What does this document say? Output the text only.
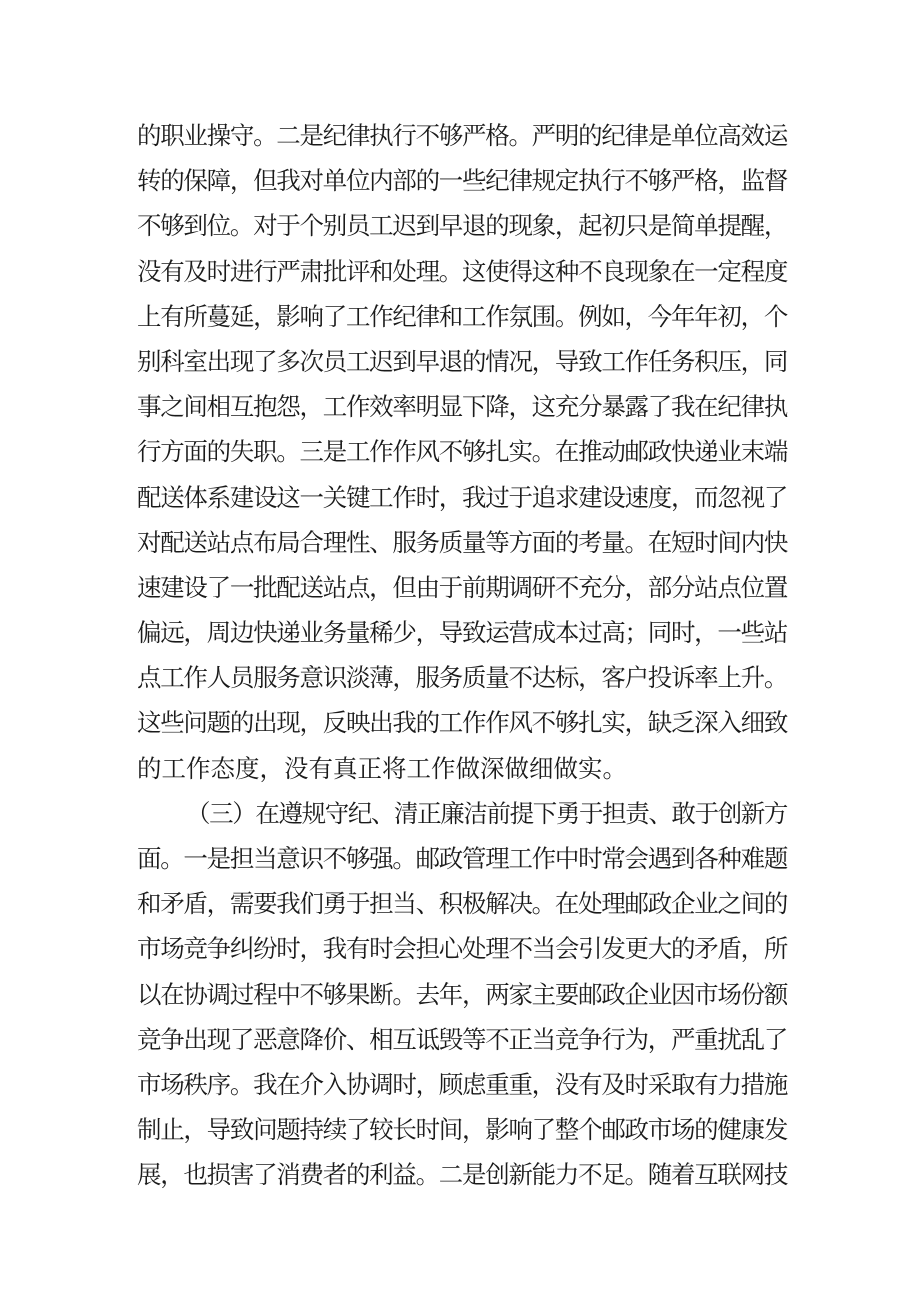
的职业操守。二是纪律执行不够严格。严明的纪律是单位高效运
转的保障，但我对单位内部的一些纪律规定执行不够严格，监督
不够到位。对于个别员工迟到早退的现象，起初只是简单提醒，
没有及时进行严肃批评和处理。这使得这种不良现象在一定程度
上有所蔓延，影响了工作纪律和工作氛围。例如，今年年初，个
别科室出现了多次员工迟到早退的情况，导致工作任务积压，同
事之间相互抱怨，工作效率明显下降，这充分暴露了我在纪律执
行方面的失职。三是工作作风不够扎实。在推动邮政快递业末端
配送体系建设这一关键工作时，我过于追求建设速度，而忽视了
对配送站点布局合理性、服务质量等方面的考量。在短时间内快
速建设了一批配送站点，但由于前期调研不充分，部分站点位置
偏远，周边快递业务量稀少，导致运营成本过高；同时，一些站
点工作人员服务意识淡薄，服务质量不达标，客户投诉率上升。
这些问题的出现，反映出我的工作作风不够扎实，缺乏深入细致
的工作态度，没有真正将工作做深做细做实。
（三）在遵规守纪、清正廉洁前提下勇于担责、敢于创新方
面。一是担当意识不够强。邮政管理工作中时常会遇到各种难题
和矛盾，需要我们勇于担当、积极解决。在处理邮政企业之间的
市场竞争纠纷时，我有时会担心处理不当会引发更大的矛盾，所
以在协调过程中不够果断。去年，两家主要邮政企业因市场份额
竞争出现了恶意降价、相互诋毁等不正当竞争行为，严重扰乱了
市场秩序。我在介入协调时，顾虑重重，没有及时采取有力措施
制止，导致问题持续了较长时间，影响了整个邮政市场的健康发
展，也损害了消费者的利益。二是创新能力不足。随着互联网技
